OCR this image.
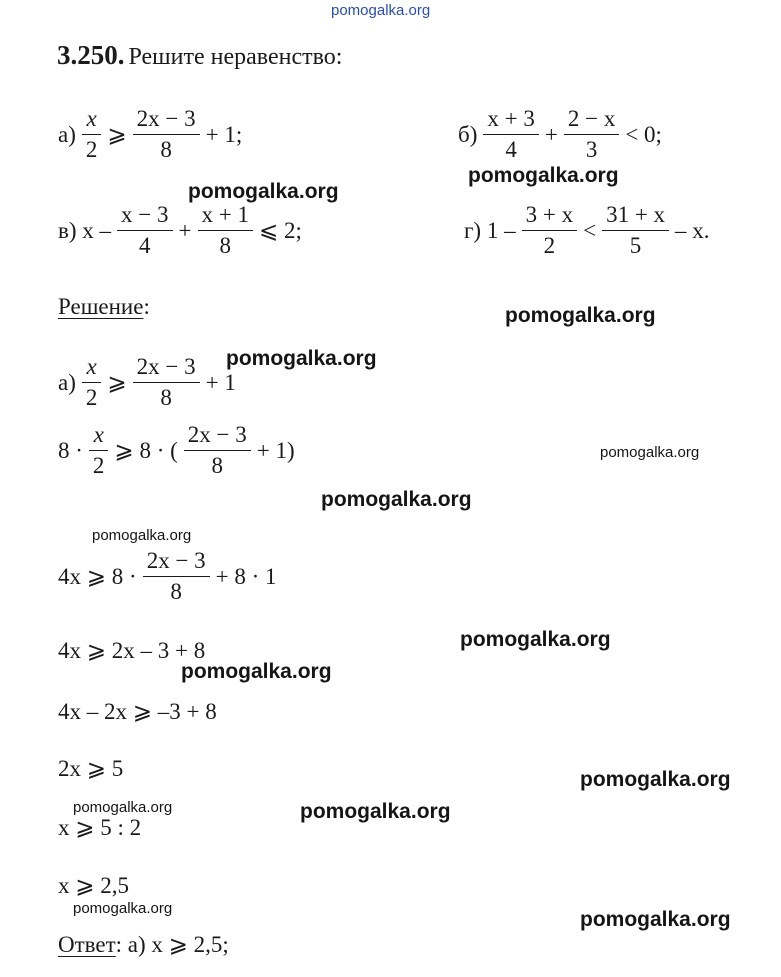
pomogalka.org
3.250. Решите неравенство:
$а) \frac{x}{2}$ ⩾ $\frac{2x - 3}{8} + 1$;	$б) \frac{x + 3}{4} + \frac{2 - x}{3} < 0$;
pomogalka.org
pomogalka.org
в) $x - \frac{x - 3}{4} + \frac{x + 1}{8}$ ⩽ 2;	г) $1 - \frac{3 + x}{2} < \frac{31 + x}{5} - x$.
Решение:	pomogalka.org
$а) \frac{x}{2}$ ⩾ $\frac{2x - 3}{8} + 1$
pomogalka.org
$8 \cdot \frac{x}{2}$ ⩾ 8 · ( $\frac{2x - 3}{8} + 1$)	pomogalka.org
pomogalka.org
pomogalka.org
4x ⩾ $8 \cdot \frac{2x - 3}{8} + 8 \cdot 1$
4x ⩾ 2x – 3 + 8	pomogalka.org
pomogalka.org
4x – 2x ⩾ –3 + 8
2x ⩾ 5	pomogalka.org
pomogalka.org	pomogalka.org
x ⩾ 5 : 2
x ⩾ 2,5
pomogalka.org	pomogalka.org
Ответ: а) x ⩾ 2,5;
